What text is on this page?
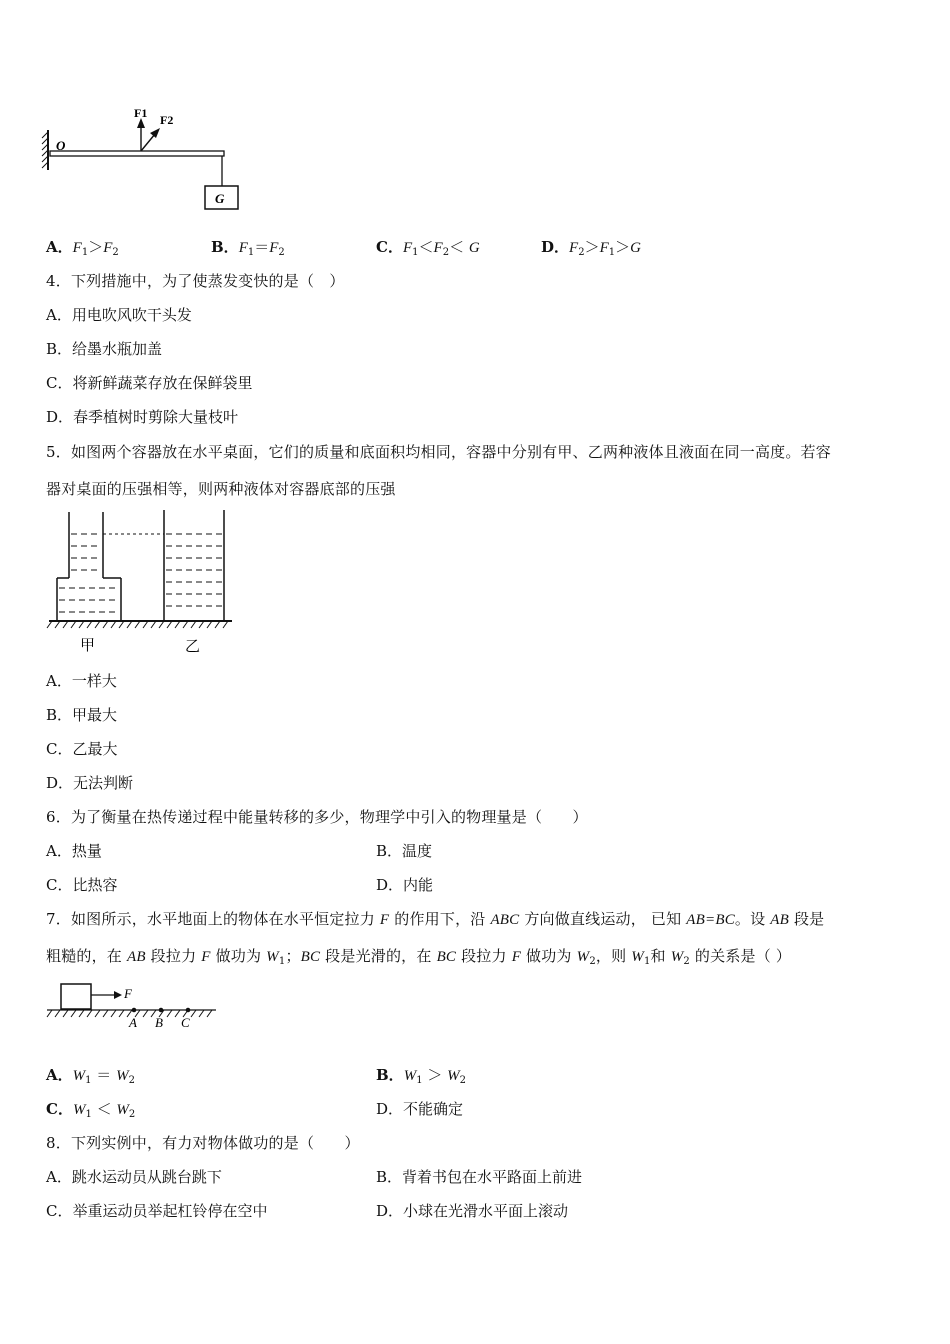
O
G
F1 F2
A．$F_1>F_2$	B．$F_1=F_2$	C．$F_1<F_2< G$	D．$F_2>F_1>G$
4．下列措施中，为了使蒸发变快的是（　）
A．用电吹风吹干头发
B．给墨水瓶加盖
C．将新鲜蔬菜存放在保鲜袋里
D．春季植树时剪除大量枝叶
5．如图两个容器放在水平桌面，它们的质量和底面积均相同，容器中分别有甲、乙两种液体且液面在同一高度。若容
器对桌面的压强相等，则两种液体对容器底部的压强
甲	乙
A．一样大
B．甲最大
C．乙最大
D．无法判断
6．为了衡量在热传递过程中能量转移的多少，物理学中引入的物理量是（　　）
A．热量	B．温度
C．比热容	D．内能
7．如图所示，水平地面上的物体在水平恒定拉力 F 的作用下，沿 ABC 方向做直线运动， 已知 AB=BC。设 AB 段是
粗糙的，在 AB 段拉力 F 做功为 $W_1$；BC 段是光滑的，在 BC 段拉力 F 做功为 $W_2$，则 $W_1$和 $W_2$ 的关系是（ ）
F
A B C
A．$W_1 = W_2$	B．$W_1 > W_2$
C．$W_1 < W_2$	D．不能确定
8．下列实例中，有力对物体做功的是（　　）
A．跳水运动员从跳台跳下	B．背着书包在水平路面上前进
C．举重运动员举起杠铃停在空中	D．小球在光滑水平面上滚动
